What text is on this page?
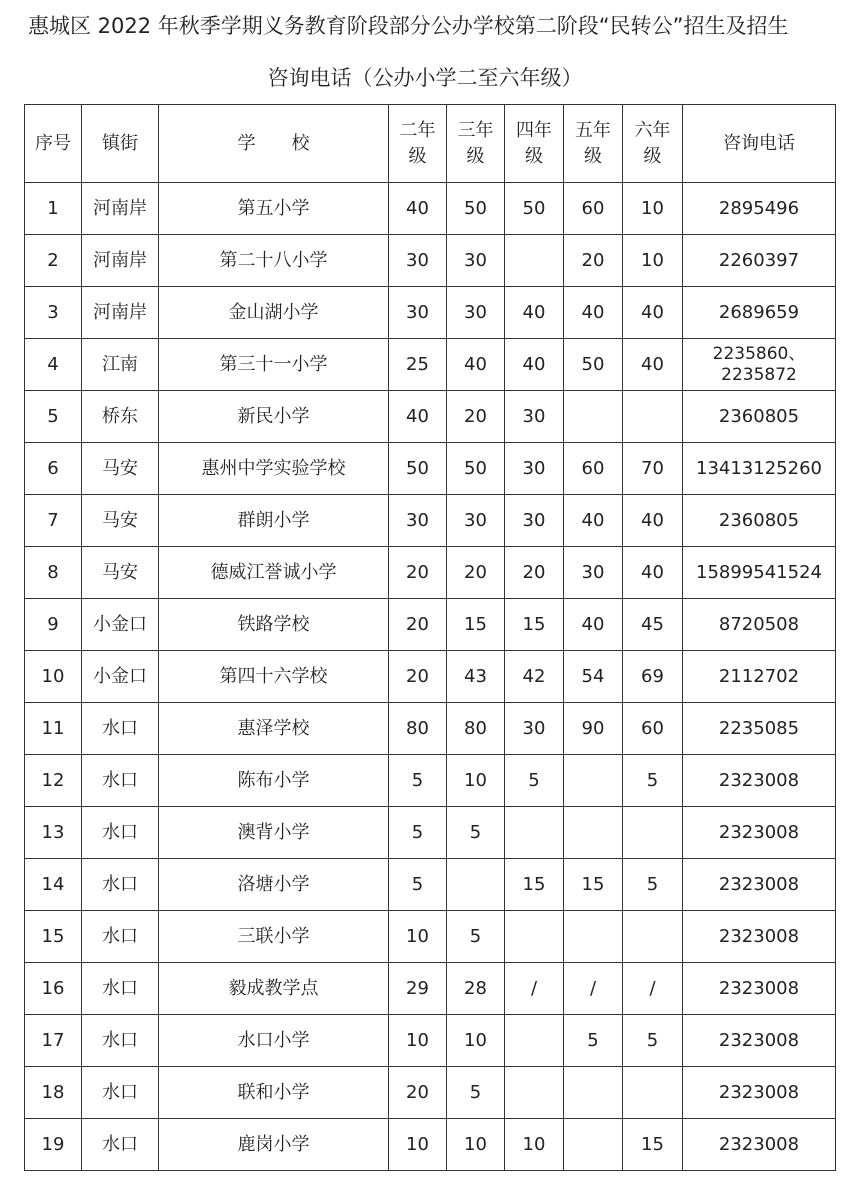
惠城区 2022 年秋季学期义务教育阶段部分公办学校第二阶段“民转公”招生及招生
咨询电话（公办小学二至六年级）
序号	镇街	学　　校	二年级	三年级	四年级	五年级	六年级	咨询电话
1	河南岸	第五小学	40	50	50	60	10	2895496
2	河南岸	第二十八小学	30	30		20	10	2260397
3	河南岸	金山湖小学	30	30	40	40	40	2689659
4	江南	第三十一小学	25	40	40	50	40	2235860、
2235872

5	桥东	新民小学	40	20	30			2360805
6	马安	惠州中学实验学校	50	50	30	60	70	13413125260
7	马安	群朗小学	30	30	30	40	40	2360805
8	马安	德威江誉诚小学	20	20	20	30	40	15899541524
9	小金口	铁路学校	20	15	15	40	45	8720508
10	小金口	第四十六学校	20	43	42	54	69	2112702
11	水口	惠泽学校	80	80	30	90	60	2235085
12	水口	陈布小学	5	10	5		5	2323008
13	水口	澳背小学	5	5				2323008
14	水口	洛塘小学	5		15	15	5	2323008
15	水口	三联小学	10	5				2323008
16	水口	毅成教学点	29	28	/	/	/	2323008
17	水口	水口小学	10	10		5	5	2323008
18	水口	联和小学	20	5				2323008
19	水口	鹿岗小学	10	10	10		15	2323008
